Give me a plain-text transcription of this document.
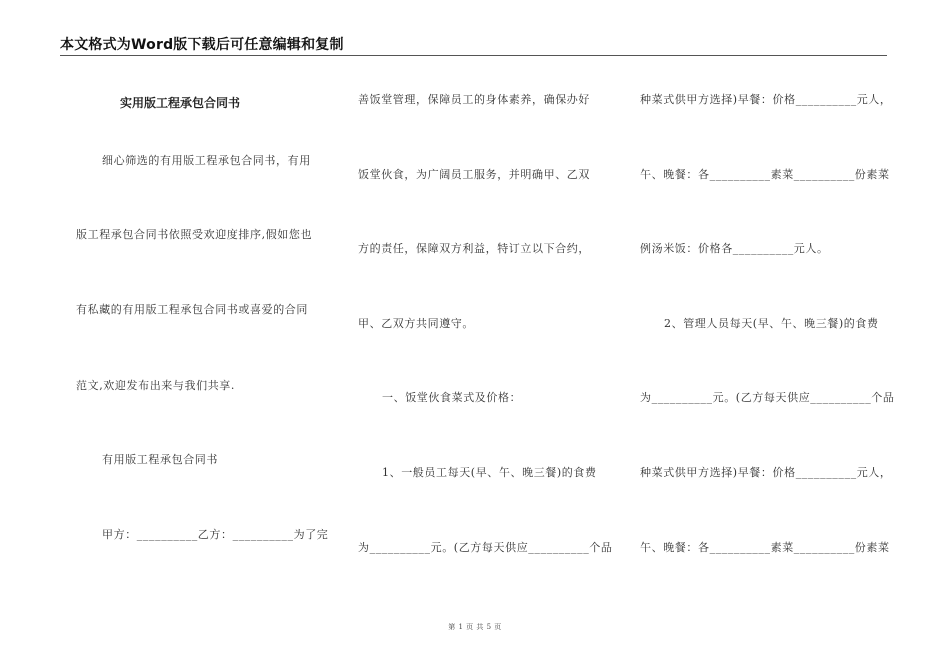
本文格式为Word版下载后可任意编辑和复制
实用版工程承包合同书
细心筛选的有用版工程承包合同书，有用
版工程承包合同书依照受欢迎度排序,假如您也
有私藏的有用版工程承包合同书或喜爱的合同
范文,欢迎发布出来与我们共享.
有用版工程承包合同书
甲方：__________乙方：__________为了完
善饭堂管理，保障员工的身体素养，确保办好
饭堂伙食，为广阔员工服务，并明确甲、乙双
方的责任，保障双方利益，特订立以下合约，
甲、乙双方共同遵守。
一、饭堂伙食菜式及价格：
1、一般员工每天(早、午、晚三餐)的食费
为__________元。(乙方每天供应__________个品
种菜式供甲方选择)早餐：价格__________元人，
午、晚餐：各__________素菜__________份素菜
例汤米饭：价格各__________元人。
2、管理人员每天(早、午、晚三餐)的食费
为__________元。(乙方每天供应__________个品
种菜式供甲方选择)早餐：价格__________元人，
午、晚餐：各__________素菜__________份素菜
第 1 页 共 5 页
